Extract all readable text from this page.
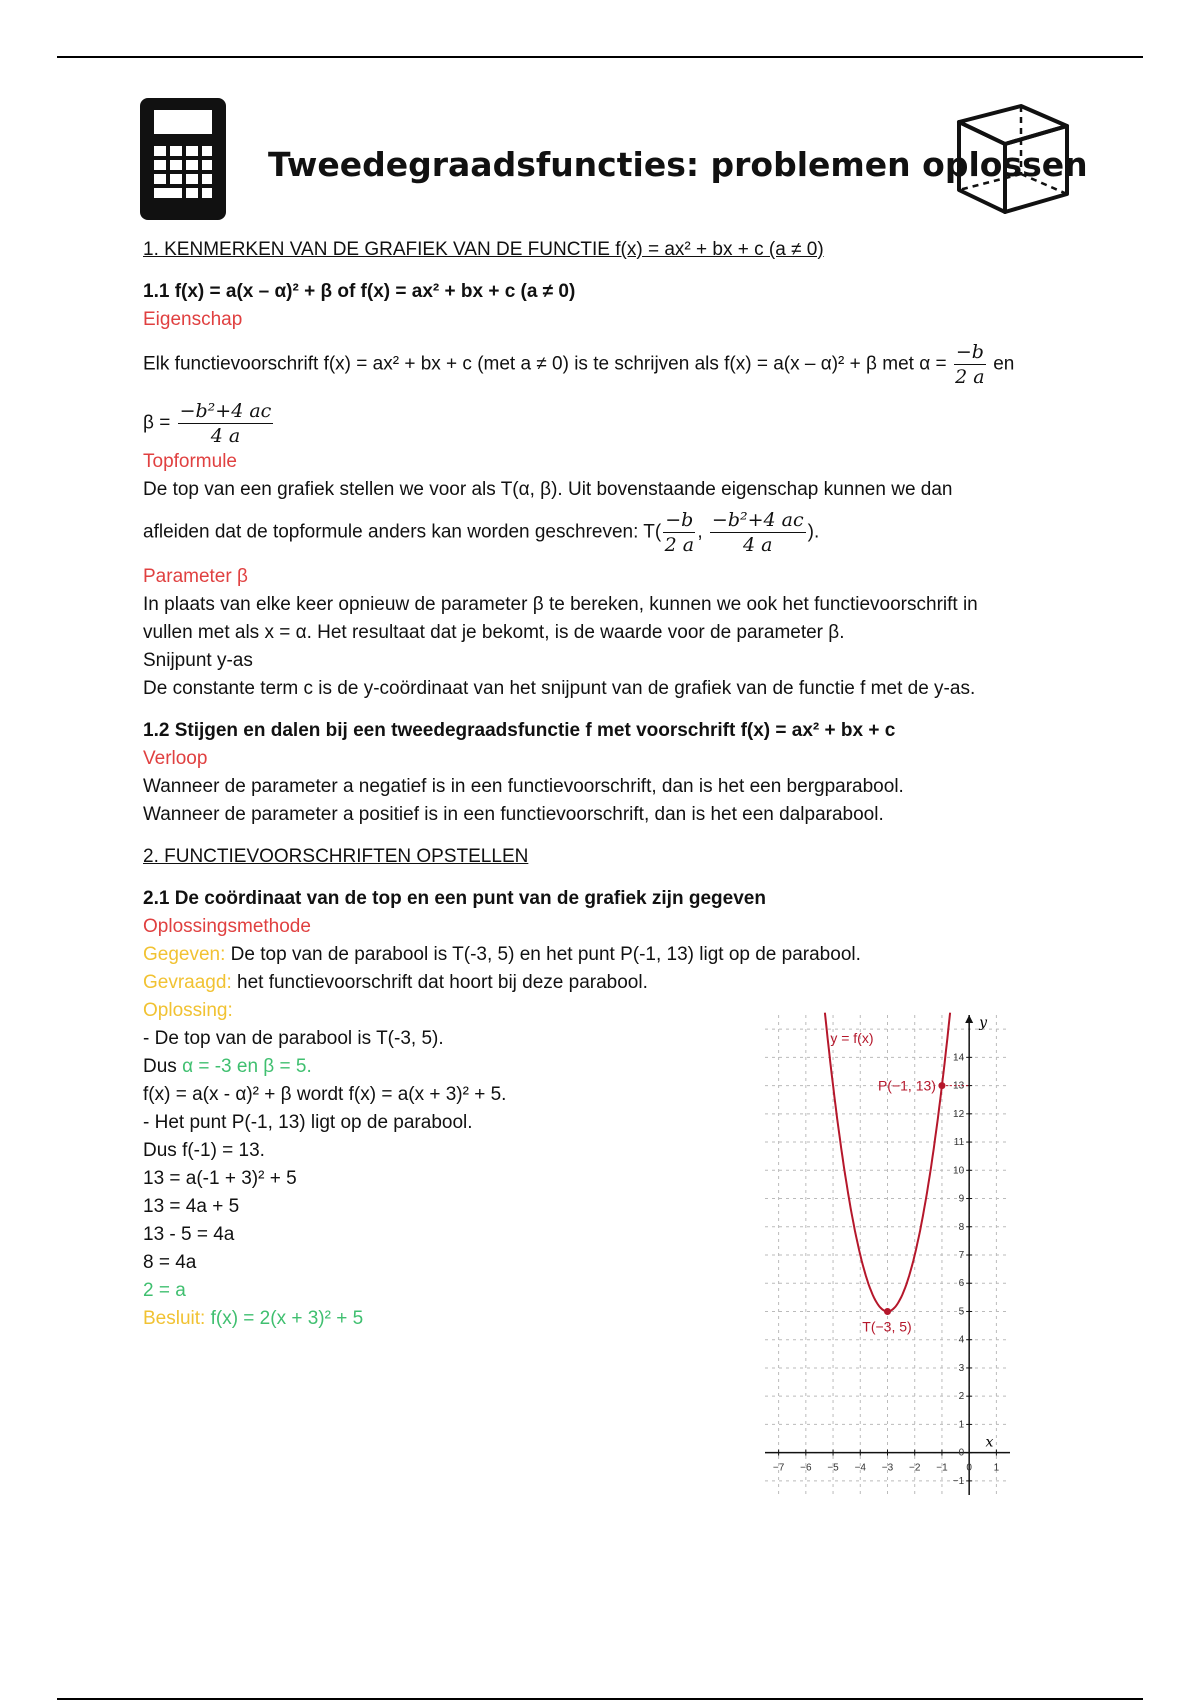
Tweedegraadsfuncties: problemen oplossen

1. KENMERKEN VAN DE GRAFIEK VAN DE FUNCTIE f(x) = ax² + bx + c (a ≠ 0)

1.1 f(x) = a(x – α)² + β of f(x) = ax² + bx + c (a ≠ 0)

Eigenschap

Elk functievoorschrift f(x) = ax² + bx + c (met a ≠ 0) is te schrijven als f(x) = a(x – α)² + β met $\alpha = \frac{-b}{2 a}$ en
$\beta = \frac{\text{−b²+4 ac}}{4 a}$

Topformule

De top van een grafiek stellen we voor als T(α, β). Uit bovenstaande eigenschap kunnen we dan

afleiden dat de topformule anders kan worden geschreven: $T( \frac{-b}{2 a}$ , $\frac{\text{−b²+4 ac}}{4 a}$ ).

Parameter β

In plaats van elke keer opnieuw de parameter β te bereken, kunnen we ook het functievoorschrift in

vullen met als x = α. Het resultaat dat je bekomt, is de waarde voor de parameter β.

Snijpunt y-as

De constante term c is de y-coördinaat van het snijpunt van de grafiek van de functie f met de y-as.

1.2 Stijgen en dalen bij een tweedegraadsfunctie f met voorschrift f(x) = ax² + bx + c

Verloop

Wanneer de parameter a negatief is in een functievoorschrift, dan is het een bergparabool.

Wanneer de parameter a positief is in een functievoorschrift, dan is het een dalparabool.

2. FUNCTIEVOORSCHRIFTEN OPSTELLEN

2.1 De coördinaat van de top en een punt van de grafiek zijn gegeven

Oplossingsmethode

Gegeven: De top van de parabool is T(-3, 5) en het punt P(-1, 13) ligt op de parabool.

Gevraagd: het functievoorschrift dat hoort bij deze parabool.

Oplossing:

- De top van de parabool is T(-3, 5).

Dus α = -3 en β = 5.

f(x) = a(x - α)² + β wordt f(x) = a(x + 3)² + 5.

- Het punt P(-1, 13) ligt op de parabool.

Dus f(-1) = 13.

13 = a(-1 + 3)² + 5

13 = 4a + 5

13 - 5 = 4a

8 = 4a

2 = a

Besluit: f(x) = 2(x + 3)² + 5

y
x
−7 −6 −5 −4 −3 −2 −1 0 1
−1
0
1
2
3
4
5
6
7
8
9
10
11
12
13
14
y = f(x)
P(−1, 13)
T(−3, 5)
